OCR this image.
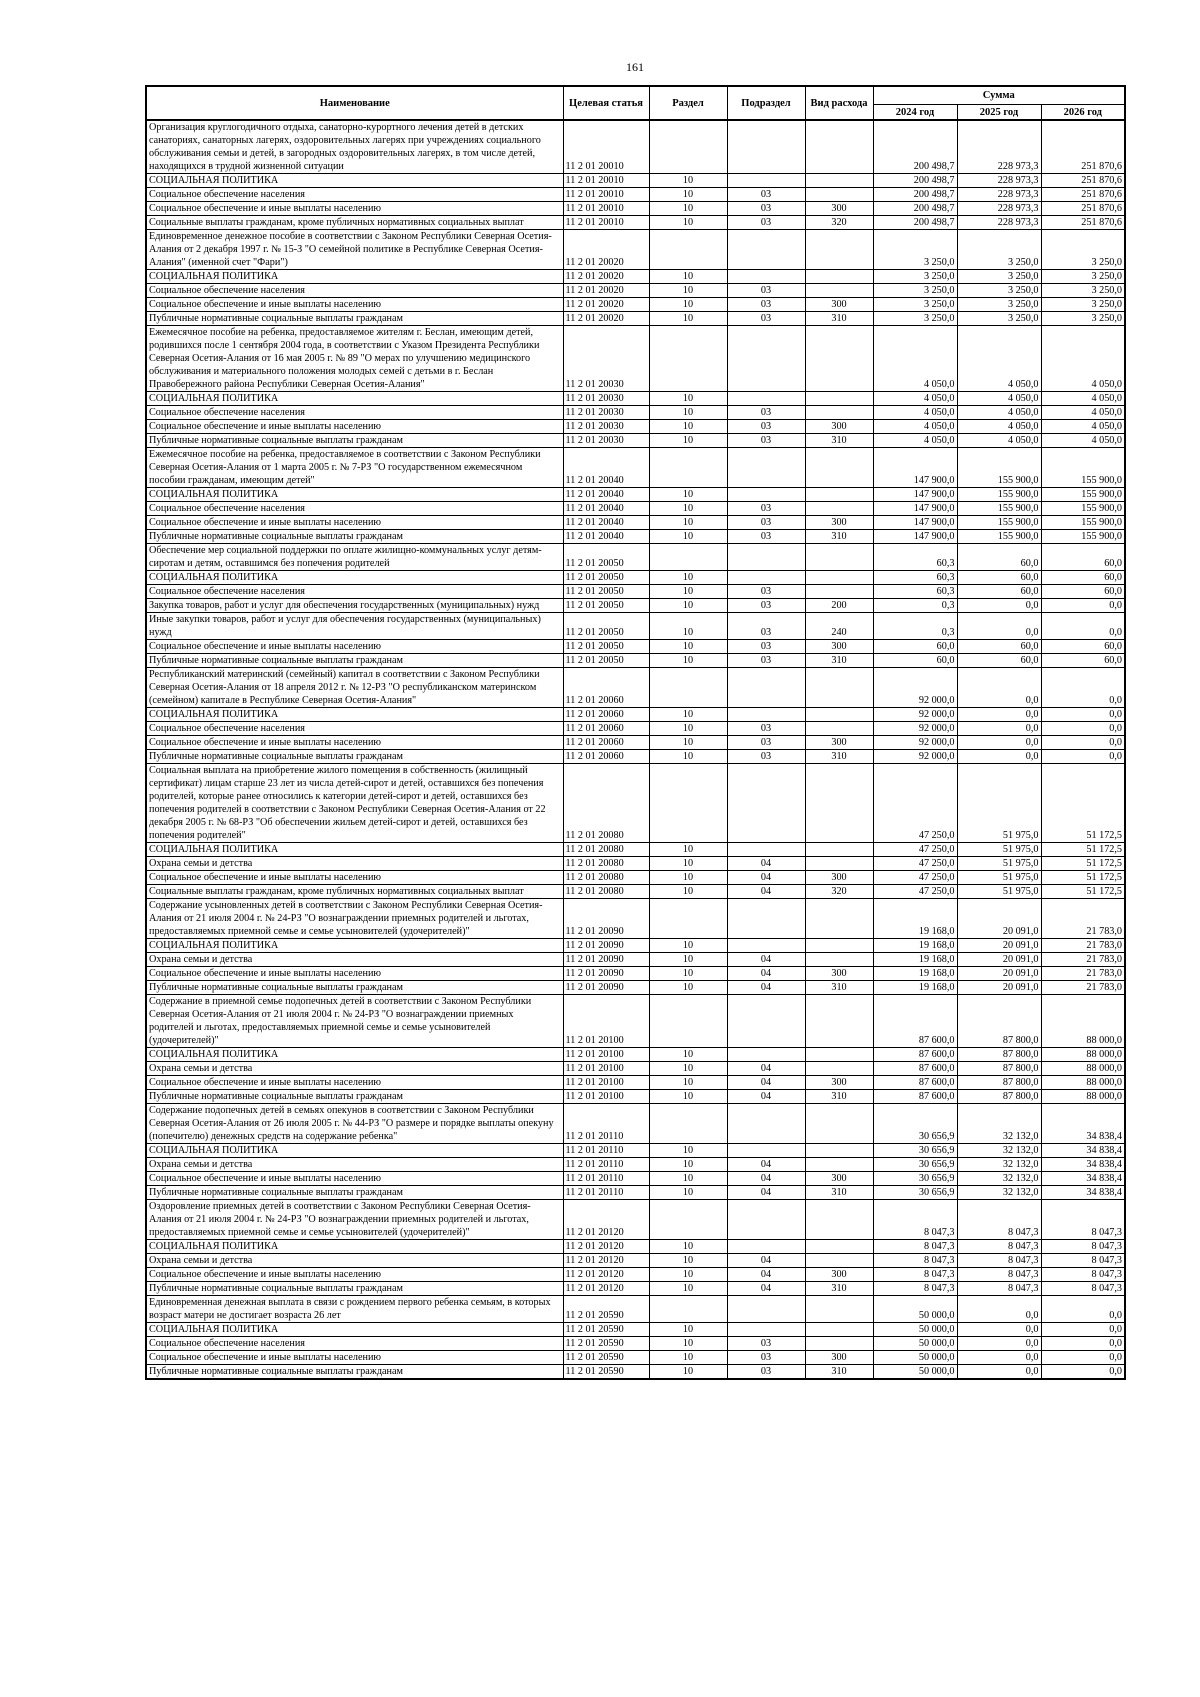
161
Наименование	Целевая статья	Раздел	Подраздел	Вид расхода	Сумма		
					2024 год	2025 год	2026 год
Организация круглогодичного отдыха, санаторно-курортного лечения детей в детских санаториях, санаторных лагерях, оздоровительных лагерях при учреждениях социального обслуживания семьи и детей, в загородных оздоровительных лагерях, в том числе детей, находящихся в трудной жизненной ситуации	11 2 01 20010				200 498,7	228 973,3	251 870,6
СОЦИАЛЬНАЯ ПОЛИТИКА	11 2 01 20010	10			200 498,7	228 973,3	251 870,6
Социальное обеспечение населения	11 2 01 20010	10	03		200 498,7	228 973,3	251 870,6
Социальное обеспечение и иные выплаты населению	11 2 01 20010	10	03	300	200 498,7	228 973,3	251 870,6
Социальные выплаты гражданам, кроме публичных нормативных социальных выплат	11 2 01 20010	10	03	320	200 498,7	228 973,3	251 870,6
Единовременное денежное пособие в соответствии с Законом Республики Северная Осетия-Алания от 2 декабря 1997 г. № 15-З "О семейной политике в Республике Северная Осетия-Алания" (именной счет "Фари")	11 2 01 20020				3 250,0	3 250,0	3 250,0
СОЦИАЛЬНАЯ ПОЛИТИКА	11 2 01 20020	10			3 250,0	3 250,0	3 250,0
Социальное обеспечение населения	11 2 01 20020	10	03		3 250,0	3 250,0	3 250,0
Социальное обеспечение и иные выплаты населению	11 2 01 20020	10	03	300	3 250,0	3 250,0	3 250,0
Публичные нормативные социальные выплаты гражданам	11 2 01 20020	10	03	310	3 250,0	3 250,0	3 250,0
Ежемесячное пособие на ребенка, предоставляемое жителям г. Беслан, имеющим детей, родившихся после 1 сентября 2004 года, в соответствии с Указом Президента Республики Северная Осетия-Алания от 16 мая 2005 г. № 89 "О мерах по улучшению медицинского обслуживания и материального положения молодых семей с детьми в г. Беслан Правобережного района Республики Северная Осетия-Алания"	11 2 01 20030				4 050,0	4 050,0	4 050,0
СОЦИАЛЬНАЯ ПОЛИТИКА	11 2 01 20030	10			4 050,0	4 050,0	4 050,0
Социальное обеспечение населения	11 2 01 20030	10	03		4 050,0	4 050,0	4 050,0
Социальное обеспечение и иные выплаты населению	11 2 01 20030	10	03	300	4 050,0	4 050,0	4 050,0
Публичные нормативные социальные выплаты гражданам	11 2 01 20030	10	03	310	4 050,0	4 050,0	4 050,0
Ежемесячное пособие на ребенка, предоставляемое в соответствии с Законом Республики Северная Осетия-Алания от 1 марта 2005 г. № 7-РЗ "О государственном ежемесячном пособии гражданам, имеющим детей"	11 2 01 20040				147 900,0	155 900,0	155 900,0
СОЦИАЛЬНАЯ ПОЛИТИКА	11 2 01 20040	10			147 900,0	155 900,0	155 900,0
Социальное обеспечение населения	11 2 01 20040	10	03		147 900,0	155 900,0	155 900,0
Социальное обеспечение и иные выплаты населению	11 2 01 20040	10	03	300	147 900,0	155 900,0	155 900,0
Публичные нормативные социальные выплаты гражданам	11 2 01 20040	10	03	310	147 900,0	155 900,0	155 900,0
Обеспечение мер социальной поддержки по оплате жилищно-коммунальных услуг детям-сиротам и детям, оставшимся без попечения родителей	11 2 01 20050				60,3	60,0	60,0
СОЦИАЛЬНАЯ ПОЛИТИКА	11 2 01 20050	10			60,3	60,0	60,0
Социальное обеспечение населения	11 2 01 20050	10	03		60,3	60,0	60,0
Закупка товаров, работ и услуг для обеспечения государственных (муниципальных) нужд	11 2 01 20050	10	03	200	0,3	0,0	0,0
Иные закупки товаров, работ и услуг для обеспечения государственных (муниципальных) нужд	11 2 01 20050	10	03	240	0,3	0,0	0,0
Социальное обеспечение и иные выплаты населению	11 2 01 20050	10	03	300	60,0	60,0	60,0
Публичные нормативные социальные выплаты гражданам	11 2 01 20050	10	03	310	60,0	60,0	60,0
Республиканский материнский (семейный) капитал в соответствии с Законом Республики Северная Осетия-Алания от 18 апреля 2012 г. № 12-РЗ "О республиканском материнском (семейном) капитале в Республике Северная Осетия-Алания"	11 2 01 20060				92 000,0	0,0	0,0
СОЦИАЛЬНАЯ ПОЛИТИКА	11 2 01 20060	10			92 000,0	0,0	0,0
Социальное обеспечение населения	11 2 01 20060	10	03		92 000,0	0,0	0,0
Социальное обеспечение и иные выплаты населению	11 2 01 20060	10	03	300	92 000,0	0,0	0,0
Публичные нормативные социальные выплаты гражданам	11 2 01 20060	10	03	310	92 000,0	0,0	0,0
Социальная выплата на приобретение жилого помещения в собственность (жилищный сертификат) лицам старше 23 лет из числа детей-сирот и детей, оставшихся без попечения родителей, которые ранее относились к категории детей-сирот и детей, оставшихся без попечения родителей в соответствии с Законом Республики Северная Осетия-Алания от 22 декабря 2005 г. № 68-РЗ "Об обеспечении жильем детей-сирот и детей, оставшихся без попечения родителей"	11 2 01 20080				47 250,0	51 975,0	51 172,5
СОЦИАЛЬНАЯ ПОЛИТИКА	11 2 01 20080	10			47 250,0	51 975,0	51 172,5
Охрана семьи и детства	11 2 01 20080	10	04		47 250,0	51 975,0	51 172,5
Социальное обеспечение и иные выплаты населению	11 2 01 20080	10	04	300	47 250,0	51 975,0	51 172,5
Социальные выплаты гражданам, кроме публичных нормативных социальных выплат	11 2 01 20080	10	04	320	47 250,0	51 975,0	51 172,5
Содержание усыновленных детей в соответствии с Законом Республики Северная Осетия-Алания от 21 июля 2004 г. № 24-РЗ "О вознаграждении приемных родителей и льготах, предоставляемых приемной семье и семье усыновителей (удочерителей)"	11 2 01 20090				19 168,0	20 091,0	21 783,0
СОЦИАЛЬНАЯ ПОЛИТИКА	11 2 01 20090	10			19 168,0	20 091,0	21 783,0
Охрана семьи и детства	11 2 01 20090	10	04		19 168,0	20 091,0	21 783,0
Социальное обеспечение и иные выплаты населению	11 2 01 20090	10	04	300	19 168,0	20 091,0	21 783,0
Публичные нормативные социальные выплаты гражданам	11 2 01 20090	10	04	310	19 168,0	20 091,0	21 783,0
Содержание в приемной семье подопечных детей в соответствии с Законом Республики Северная Осетия-Алания от 21 июля 2004 г. № 24-РЗ "О вознаграждении приемных родителей и льготах, предоставляемых приемной семье и семье усыновителей (удочерителей)"	11 2 01 20100				87 600,0	87 800,0	88 000,0
СОЦИАЛЬНАЯ ПОЛИТИКА	11 2 01 20100	10			87 600,0	87 800,0	88 000,0
Охрана семьи и детства	11 2 01 20100	10	04		87 600,0	87 800,0	88 000,0
Социальное обеспечение и иные выплаты населению	11 2 01 20100	10	04	300	87 600,0	87 800,0	88 000,0
Публичные нормативные социальные выплаты гражданам	11 2 01 20100	10	04	310	87 600,0	87 800,0	88 000,0
Содержание подопечных детей в семьях опекунов в соответствии с Законом Республики Северная Осетия-Алания от 26 июля 2005 г. № 44-РЗ "О размере и порядке выплаты опекуну (попечителю) денежных средств на содержание ребенка"	11 2 01 20110				30 656,9	32 132,0	34 838,4
СОЦИАЛЬНАЯ ПОЛИТИКА	11 2 01 20110	10			30 656,9	32 132,0	34 838,4
Охрана семьи и детства	11 2 01 20110	10	04		30 656,9	32 132,0	34 838,4
Социальное обеспечение и иные выплаты населению	11 2 01 20110	10	04	300	30 656,9	32 132,0	34 838,4
Публичные нормативные социальные выплаты гражданам	11 2 01 20110	10	04	310	30 656,9	32 132,0	34 838,4
Оздоровление приемных детей в соответствии с Законом Республики Северная Осетия-Алания от 21 июля 2004 г. № 24-РЗ "О вознаграждении приемных родителей и льготах, предоставляемых приемной семье и семье усыновителей (удочерителей)"	11 2 01 20120				8 047,3	8 047,3	8 047,3
СОЦИАЛЬНАЯ ПОЛИТИКА	11 2 01 20120	10			8 047,3	8 047,3	8 047,3
Охрана семьи и детства	11 2 01 20120	10	04		8 047,3	8 047,3	8 047,3
Социальное обеспечение и иные выплаты населению	11 2 01 20120	10	04	300	8 047,3	8 047,3	8 047,3
Публичные нормативные социальные выплаты гражданам	11 2 01 20120	10	04	310	8 047,3	8 047,3	8 047,3
Единовременная денежная выплата в связи с рождением первого ребенка семьям, в которых возраст матери не достигает возраста 26 лет	11 2 01 20590				50 000,0	0,0	0,0
СОЦИАЛЬНАЯ ПОЛИТИКА	11 2 01 20590	10			50 000,0	0,0	0,0
Социальное обеспечение населения	11 2 01 20590	10	03		50 000,0	0,0	0,0
Социальное обеспечение и иные выплаты населению	11 2 01 20590	10	03	300	50 000,0	0,0	0,0
Публичные нормативные социальные выплаты гражданам	11 2 01 20590	10	03	310	50 000,0	0,0	0,0
